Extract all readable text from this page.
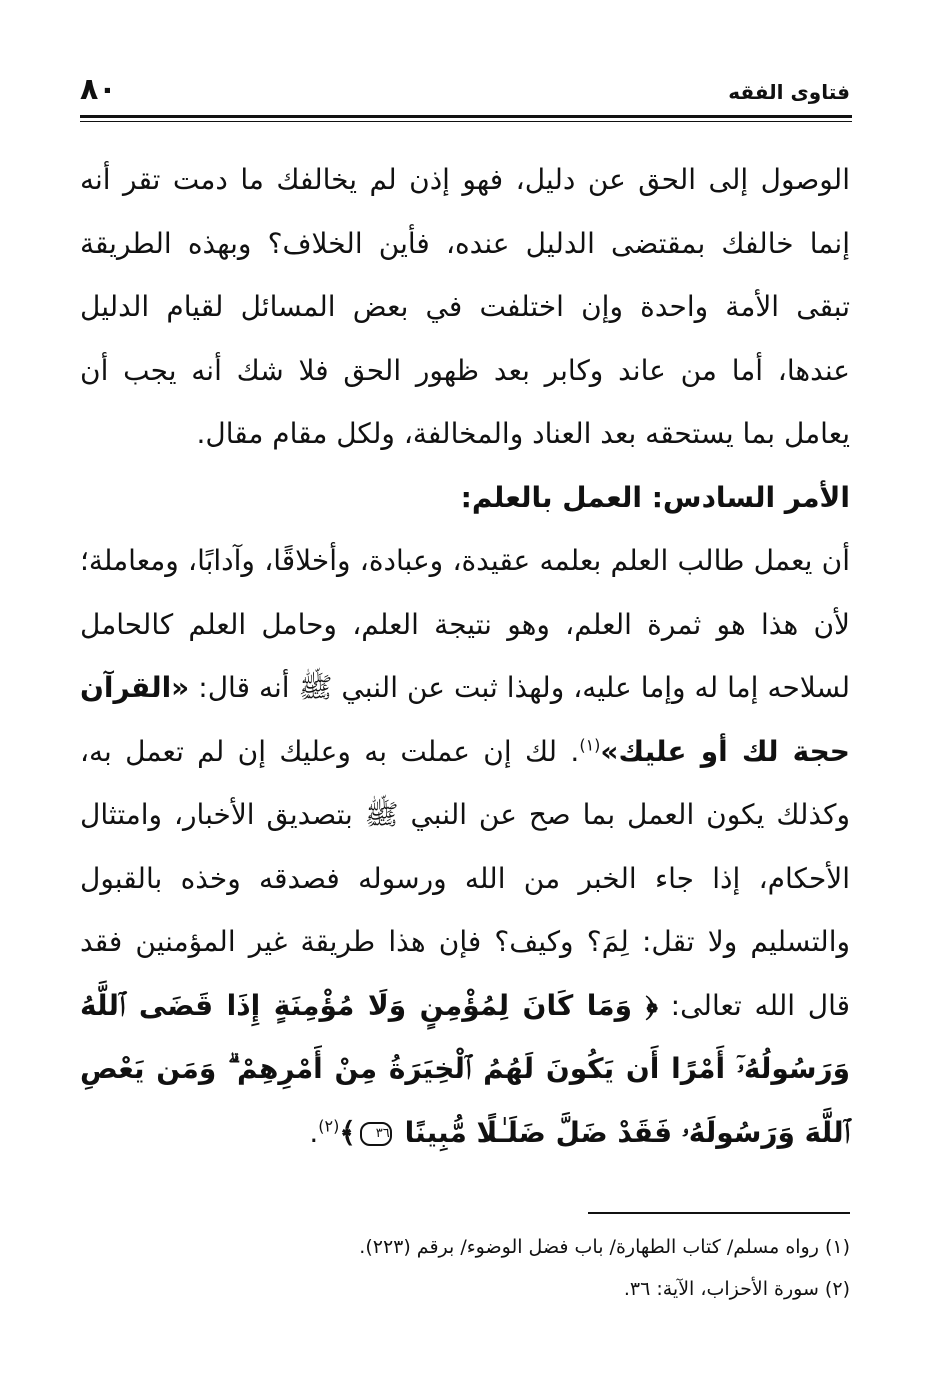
فتاوى الفقه
٨٠

الوصول إلى الحق عن دليل، فهو إذن لم يخالفك ما دمت تقر أنه إنما خالفك بمقتضى الدليل عنده، فأين الخلاف؟ وبهذه الطريقة تبقى الأمة واحدة وإن اختلفت في بعض المسائل لقيام الدليل عندها، أما من عاند وكابر بعد ظهور الحق فلا شك أنه يجب أن يعامل بما يستحقه بعد العناد والمخالفة، ولكل مقام مقال.

الأمر السادس: العمل بالعلم:

أن يعمل طالب العلم بعلمه عقيدة، وعبادة، وأخلاقًا، وآدابًا، ومعاملة؛ لأن هذا هو ثمرة العلم، وهو نتيجة العلم، وحامل العلم كالحامل لسلاحه إما له وإما عليه، ولهذا ثبت عن النبي ﷺ أنه قال: «القرآن حجة لك أو عليك»$^{(١)}$. لك إن عملت به وعليك إن لم تعمل به، وكذلك يكون العمل بما صح عن النبي ﷺ بتصديق الأخبار، وامتثال الأحكام، إذا جاء الخبر من الله ورسوله فصدقه وخذه بالقبول والتسليم ولا تقل: لِمَ؟ وكيف؟ فإن هذا طريقة غير المؤمنين فقد قال الله تعالى: ﴿ وَمَا كَانَ لِمُؤْمِنٍ وَلَا مُؤْمِنَةٍ إِذَا قَضَى ٱللَّهُ وَرَسُولُهُۥٓ أَمْرًا أَن يَكُونَ لَهُمُ ٱلْخِيَرَةُ مِنْ أَمْرِهِمْ ۗ وَمَن يَعْصِ ٱللَّهَ وَرَسُولَهُۥ فَقَدْ ضَلَّ ضَلَـٰلًا مُّبِينًا ٣٦﴾$^{(٢)}$.

(١) رواه مسلم/ كتاب الطهارة/ باب فضل الوضوء/ برقم (٢٢٣).

(٢) سورة الأحزاب، الآية: ٣٦.
